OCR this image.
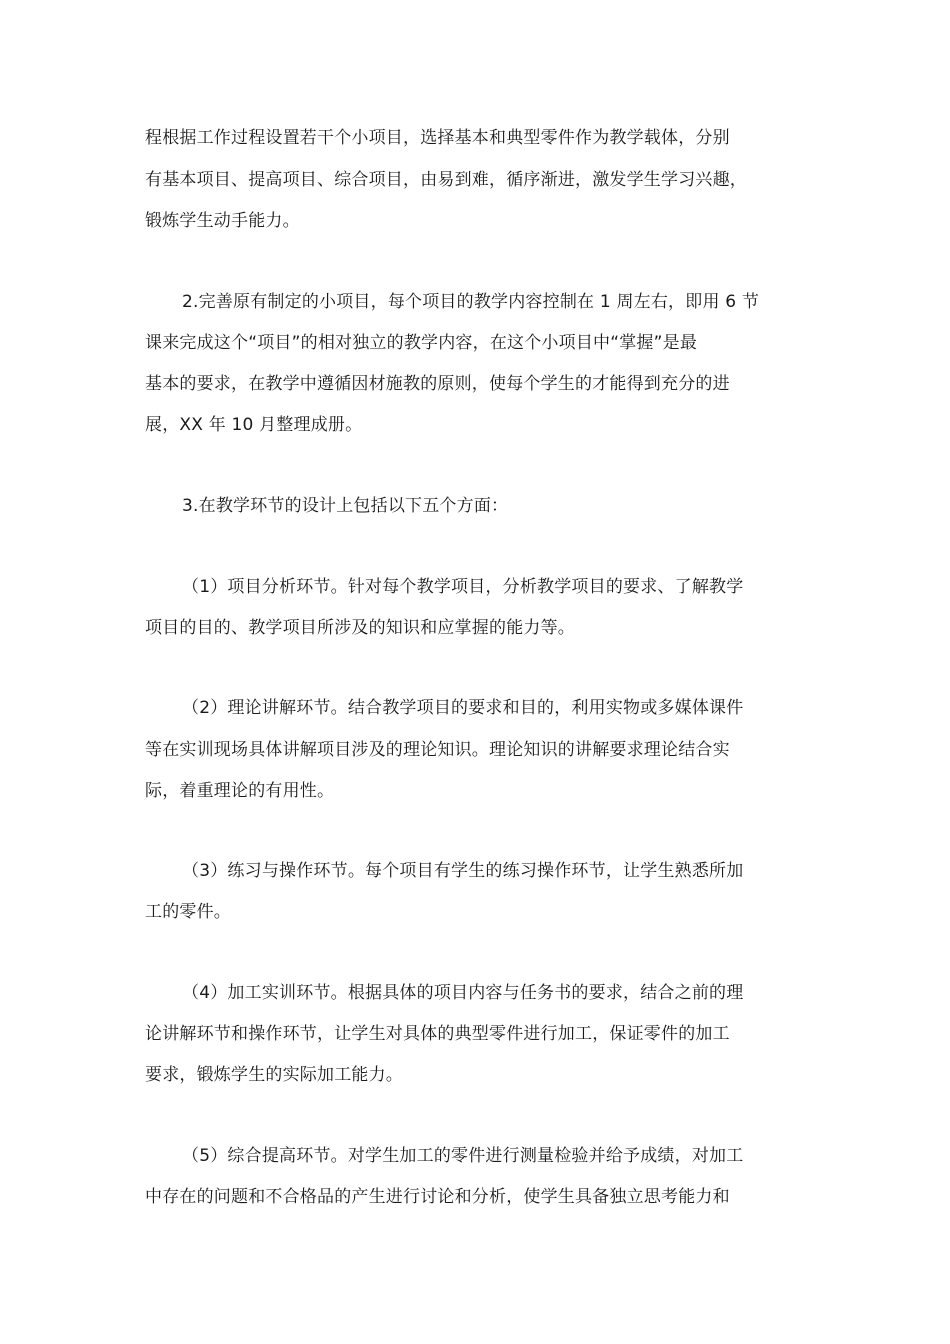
程根据工作过程设置若干个小项目，选择基本和典型零件作为教学载体，分别
有基本项目、提高项目、综合项目，由易到难，循序渐进，激发学生学习兴趣，
锻炼学生动手能力。
2.完善原有制定的小项目，每个项目的教学内容控制在 1 周左右，即用 6 节
课来完成这个“项目”的相对独立的教学内容，在这个小项目中“掌握”是最
基本的要求，在教学中遵循因材施教的原则，使每个学生的才能得到充分的进
展，XX 年 10 月整理成册。
3.在教学环节的设计上包括以下五个方面：
（1）项目分析环节。针对每个教学项目，分析教学项目的要求、了解教学
项目的目的、教学项目所涉及的知识和应掌握的能力等。
（2）理论讲解环节。结合教学项目的要求和目的，利用实物或多媒体课件
等在实训现场具体讲解项目涉及的理论知识。理论知识的讲解要求理论结合实
际，着重理论的有用性。
（3）练习与操作环节。每个项目有学生的练习操作环节，让学生熟悉所加
工的零件。
（4）加工实训环节。根据具体的项目内容与任务书的要求，结合之前的理
论讲解环节和操作环节，让学生对具体的典型零件进行加工，保证零件的加工
要求，锻炼学生的实际加工能力。
（5）综合提高环节。对学生加工的零件进行测量检验并给予成绩，对加工
中存在的问题和不合格品的产生进行讨论和分析，使学生具备独立思考能力和
